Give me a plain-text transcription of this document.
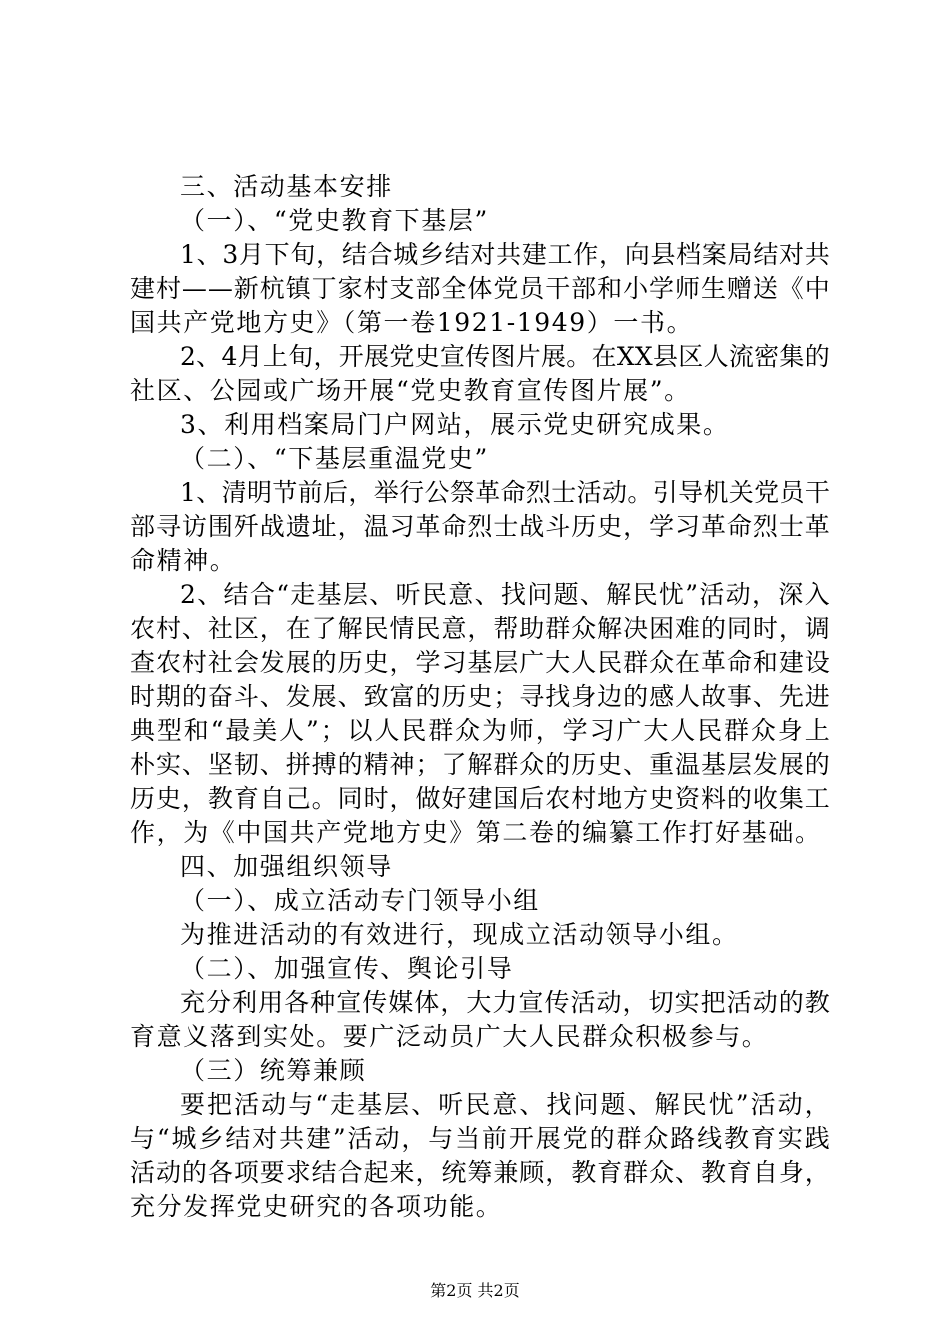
三、活动基本安排
（一）、“党史教育下基层”
1 、 3 月 下 旬 ， 结 合 城 乡 结 对 共 建 工 作 ， 向 县 档 案 局 结 对 共
建 村 — — 新 杭 镇 丁 家 村 支 部 全 体 党 员 干 部 和 小 学 师 生 赠 送 《 中
国共产党地方史》（第一卷1921-1949）一书。
2 、 4 月 上 旬 ， 开 展 党 史 宣 传 图 片 展 。 在 X X 县 区 人 流 密 集 的
社区、公园或广场开展“党史教育宣传图片展”。
3、利用档案局门户网站，展示党史研究成果。
（二）、“下基层重温党史”
1 、 清 明 节 前 后 ， 举 行 公 祭 革 命 烈 士 活 动 。 引 导 机 关 党 员 干
部 寻 访 围 歼 战 遗 址 ， 温 习 革 命 烈 士 战 斗 历 史 ， 学 习 革 命 烈 士 革
命精神。
2 、 结 合 “ 走 基 层 、 听 民 意 、 找 问 题 、 解 民 忧 ” 活 动 ， 深 入
农 村 、 社 区 ， 在 了 解 民 情 民 意 ， 帮 助 群 众 解 决 困 难 的 同 时 ， 调
查 农 村 社 会 发 展 的 历 史 ， 学 习 基 层 广 大 人 民 群 众 在 革 命 和 建 设
时 期 的 奋 斗 、 发 展 、 致 富 的 历 史 ； 寻 找 身 边 的 感 人 故 事 、 先 进
典 型 和 “ 最 美 人 ” ； 以 人 民 群 众 为 师 ， 学 习 广 大 人 民 群 众 身 上
朴 实 、 坚 韧 、 拼 搏 的 精 神 ； 了 解 群 众 的 历 史 、 重 温 基 层 发 展 的
历 史 ， 教 育 自 己 。 同 时 ， 做 好 建 国 后 农 村 地 方 史 资 料 的 收 集 工
作，为《中国共产党地方史》第二卷的编纂工作打好基础。
四、加强组织领导
（一）、成立活动专门领导小组
为推进活动的有效进行，现成立活动领导小组。
（二）、加强宣传、舆论引导
充 分 利 用 各 种 宣 传 媒 体 ， 大 力 宣 传 活 动 ， 切 实 把 活 动 的 教
育意义落到实处。要广泛动员广大人民群众积极参与。
（三）统筹兼顾
要 把 活 动 与 “ 走 基 层 、 听 民 意 、 找 问 题 、 解 民 忧 ” 活 动 ，
与 “ 城 乡 结 对 共 建 ” 活 动 ， 与 当 前 开 展 党 的 群 众 路 线 教 育 实 践
活 动 的 各 项 要 求 结 合 起 来 ， 统 筹 兼 顾 ， 教 育 群 众 、 教 育 自 身 ，
充分发挥党史研究的各项功能。
第2页 共2页
